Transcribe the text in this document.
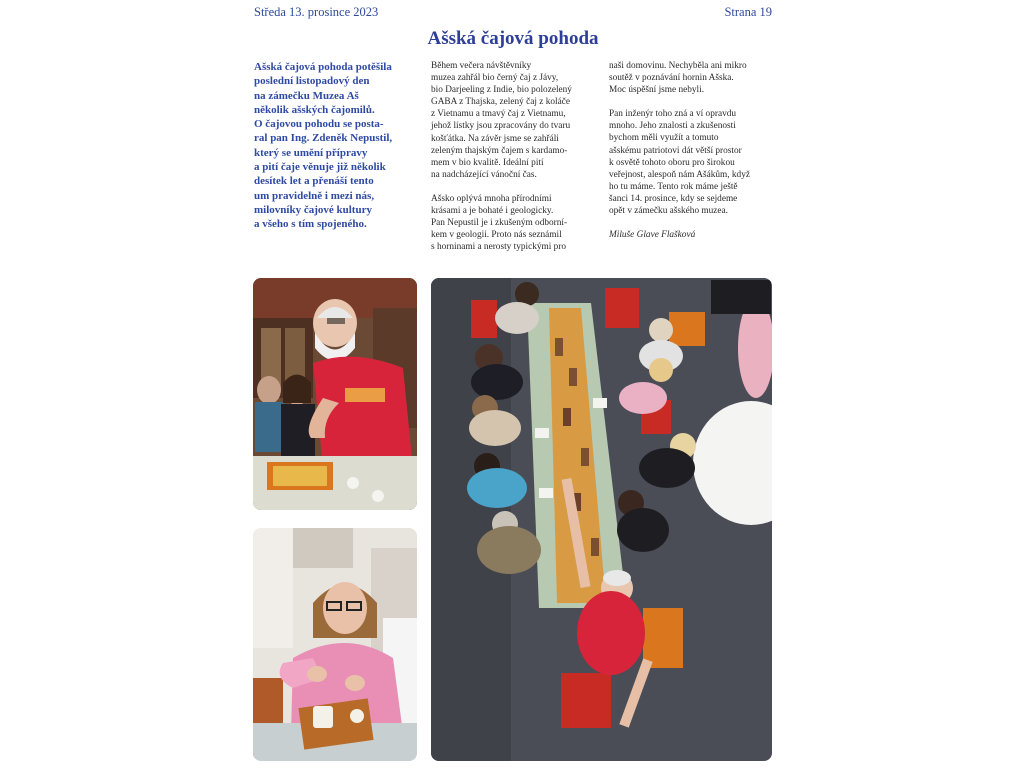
Středa 13. prosince 2023	Strana 19
Ašská čajová pohoda
Ašská čajová pohoda potěšila
poslední listopadový den
na zámečku Muzea Aš
několik ašských čajomilů.
O čajovou pohodu se posta-
ral pan Ing. Zdeněk Nepustil,
který se umění přípravy
a pití čaje věnuje již několik
desítek let a přenáší tento
um pravidelně i mezi nás,
milovníky čajové kultury
a všeho s tím spojeného.
Během večera návštěvníky
muzea zahřál bio černý čaj z Jávy,
bio Darjeeling z Indie, bio polozelený
GABA z Thajska, zelený čaj z koláče
z Vietnamu a tmavý čaj z Vietnamu,
jehož lístky jsou zpracovány do tvaru
košťátka. Na závěr jsme se zahřáli
zeleným thajským čajem s kardamo-
mem v bio kvalitě. Ideální pití
na nadcházející vánoční čas.
Ašsko oplývá mnoha přírodními
krásami a je bohaté i geologicky.
Pan Nepustil je i zkušeným odborní-
kem v geologii. Proto nás seznámil
s horninami a nerosty typickými pro
naši domovinu. Nechyběla ani mikro
soutěž v poznávání hornin Ašska.
Moc úspěšní jsme nebyli.
Pan inženýr toho zná a ví opravdu
mnoho. Jeho znalosti a zkušenosti
bychom měli využít a tomuto
ašskému patriotovi dát větší prostor
k osvětě tohoto oboru pro širokou
veřejnost, alespoň nám Ašákům, když
ho tu máme. Tento rok máme ještě
šanci 14. prosince, kdy se sejdeme
opět v zámečku ašského muzea.
Miluše Glave Flašková
